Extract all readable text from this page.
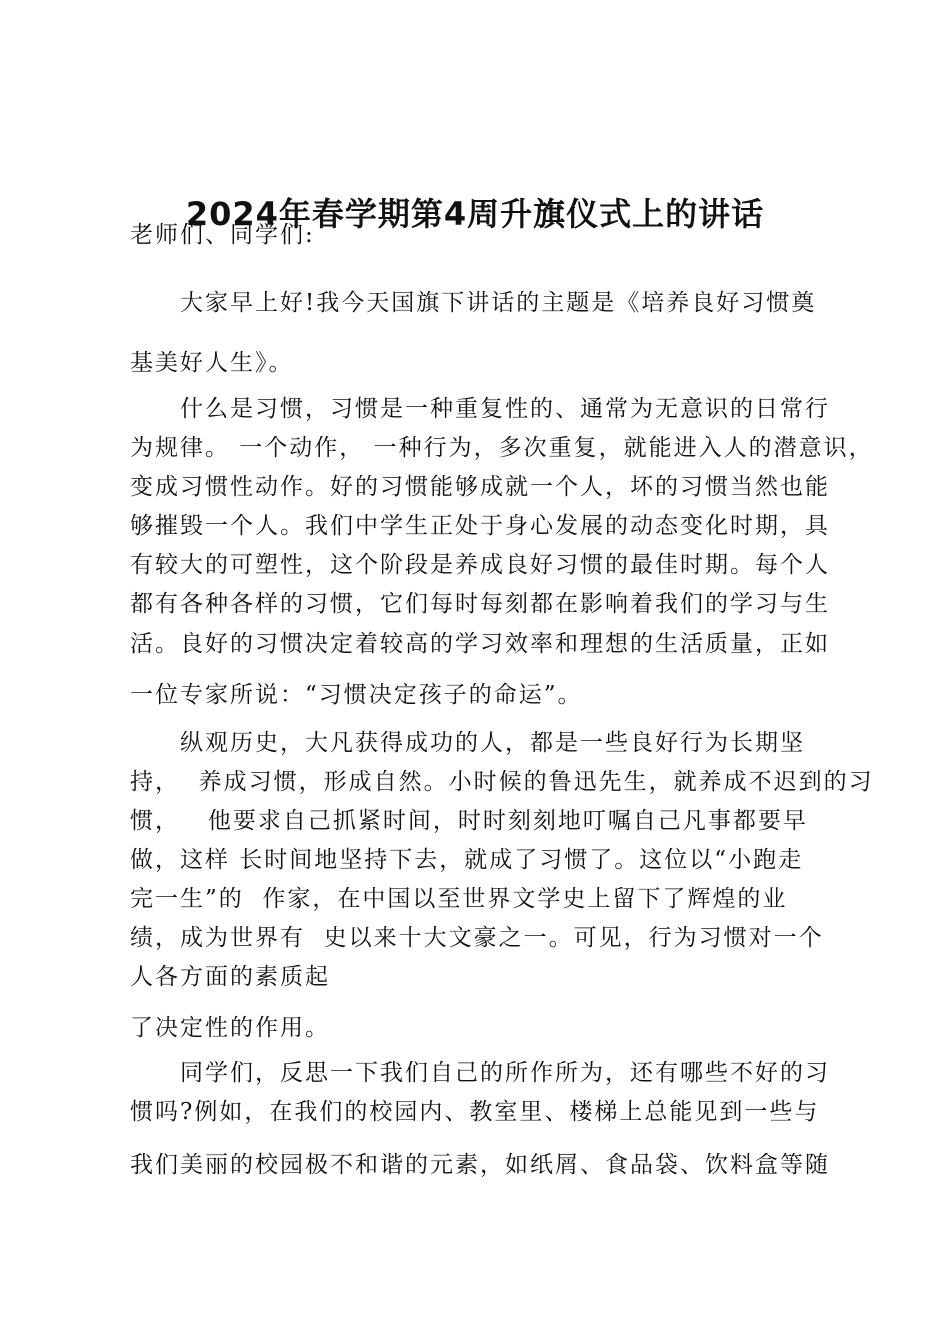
2024年春学期第4周升旗仪式上的讲话
老师们、同学们:
大家早上好!我今天国旗下讲话的主题是《培养良好习惯奠
基美好人生》。
什么是习惯，习惯是一种重复性的、通常为无意识的日常行
为规律。 一个动作， 一种行为，多次重复，就能进入人的潜意识，
变成习惯性动作。好的习惯能够成就一个人，坏的习惯当然也能
够摧毁一个人。我们中学生正处于身心发展的动态变化时期，具
有较大的可塑性，这个阶段是养成良好习惯的最佳时期。每个人
都有各种各样的习惯，它们每时每刻都在影响着我们的学习与生
活。良好的习惯决定着较高的学习效率和理想的生活质量，正如
一位专家所说：“习惯决定孩子的命运”。
纵观历史，大凡获得成功的人，都是一些良好行为长期坚
持，  养成习惯，形成自然。小时候的鲁迅先生，就养成不迟到的习
惯，   他要求自己抓紧时间，时时刻刻地叮嘱自己凡事都要早
做，这样 长时间地坚持下去，就成了习惯了。这位以“小跑走
完一生”的  作家，在中国以至世界文学史上留下了辉煌的业
绩，成为世界有  史以来十大文豪之一。可见，行为习惯对一个
人各方面的素质起
了决定性的作用。
同学们，反思一下我们自己的所作所为，还有哪些不好的习
惯吗?例如，在我们的校园内、教室里、楼梯上总能见到一些与
我们美丽的校园极不和谐的元素，如纸屑、食品袋、饮料盒等随
